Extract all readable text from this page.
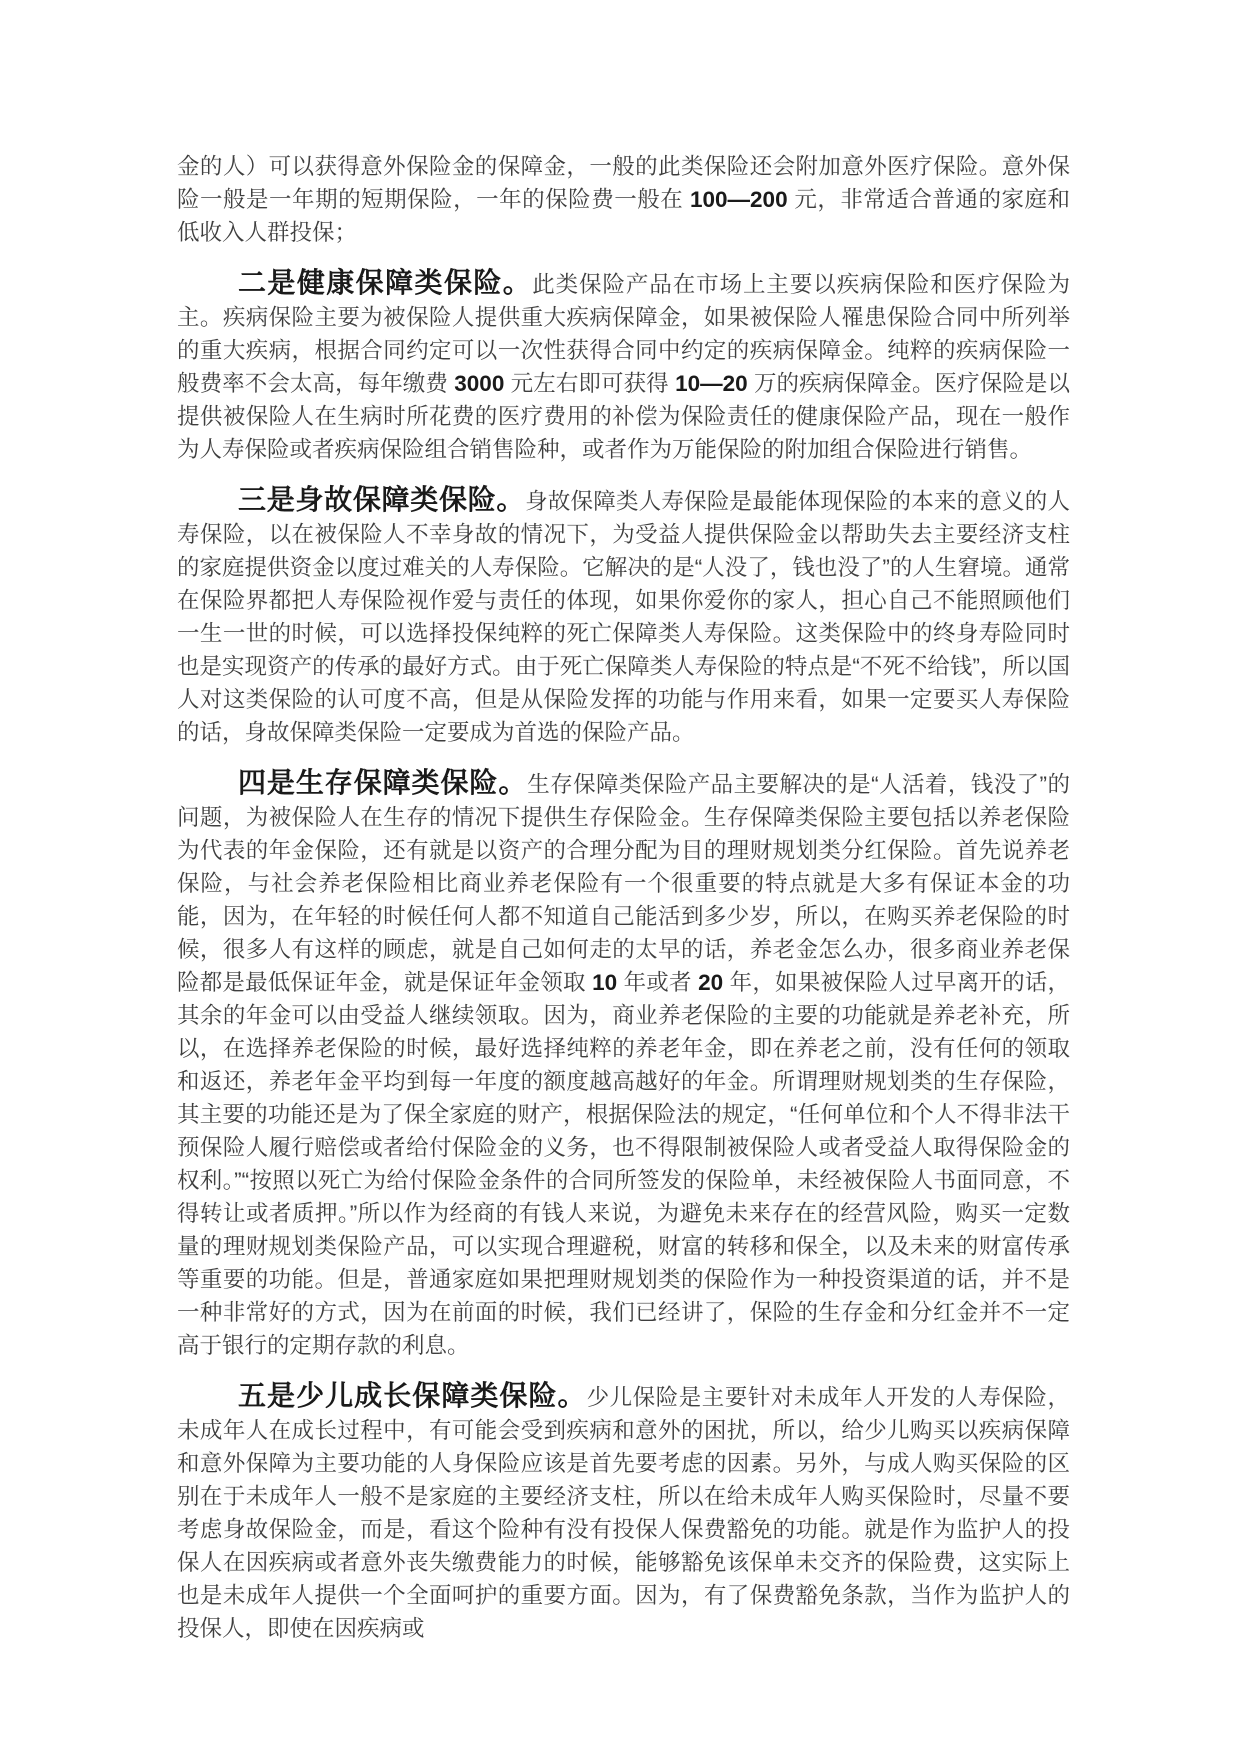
金的人）可以获得意外保险金的保障金，一般的此类保险还会附加意外医疗保险。意外保险一般是一年期的短期保险，一年的保险费一般在 100—200 元，非常适合普通的家庭和低收入人群投保；

二是健康保障类保险。此类保险产品在市场上主要以疾病保险和医疗保险为主。疾病保险主要为被保险人提供重大疾病保障金，如果被保险人罹患保险合同中所列举的重大疾病，根据合同约定可以一次性获得合同中约定的疾病保障金。纯粹的疾病保险一般费率不会太高，每年缴费 3000 元左右即可获得 10—20 万的疾病保障金。医疗保险是以提供被保险人在生病时所花费的医疗费用的补偿为保险责任的健康保险产品，现在一般作为人寿保险或者疾病保险组合销售险种，或者作为万能保险的附加组合保险进行销售。

三是身故保障类保险。身故保障类人寿保险是最能体现保险的本来的意义的人寿保险，以在被保险人不幸身故的情况下，为受益人提供保险金以帮助失去主要经济支柱的家庭提供资金以度过难关的人寿保险。它解决的是“人没了，钱也没了”的人生窘境。通常在保险界都把人寿保险视作爱与责任的体现，如果你爱你的家人，担心自己不能照顾他们一生一世的时候，可以选择投保纯粹的死亡保障类人寿保险。这类保险中的终身寿险同时也是实现资产的传承的最好方式。由于死亡保障类人寿保险的特点是“不死不给钱”，所以国人对这类保险的认可度不高，但是从保险发挥的功能与作用来看，如果一定要买人寿保险的话，身故保障类保险一定要成为首选的保险产品。

四是生存保障类保险。生存保障类保险产品主要解决的是“人活着，钱没了”的问题，为被保险人在生存的情况下提供生存保险金。生存保障类保险主要包括以养老保险为代表的年金保险，还有就是以资产的合理分配为目的理财规划类分红保险。首先说养老保险，与社会养老保险相比商业养老保险有一个很重要的特点就是大多有保证本金的功能，因为，在年轻的时候任何人都不知道自己能活到多少岁，所以，在购买养老保险的时候，很多人有这样的顾虑，就是自己如何走的太早的话，养老金怎么办，很多商业养老保险都是最低保证年金，就是保证年金领取 10 年或者 20 年，如果被保险人过早离开的话，其余的年金可以由受益人继续领取。因为，商业养老保险的主要的功能就是养老补充，所以，在选择养老保险的时候，最好选择纯粹的养老年金，即在养老之前，没有任何的领取和返还，养老年金平均到每一年度的额度越高越好的年金。所谓理财规划类的生存保险，其主要的功能还是为了保全家庭的财产，根据保险法的规定，“任何单位和个人不得非法干预保险人履行赔偿或者给付保险金的义务，也不得限制被保险人或者受益人取得保险金的权利。”“按照以死亡为给付保险金条件的合同所签发的保险单，未经被保险人书面同意，不得转让或者质押。”所以作为经商的有钱人来说，为避免未来存在的经营风险，购买一定数量的理财规划类保险产品，可以实现合理避税，财富的转移和保全，以及未来的财富传承等重要的功能。但是，普通家庭如果把理财规划类的保险作为一种投资渠道的话，并不是一种非常好的方式，因为在前面的时候，我们已经讲了，保险的生存金和分红金并不一定高于银行的定期存款的利息。

五是少儿成长保障类保险。少儿保险是主要针对未成年人开发的人寿保险，未成年人在成长过程中，有可能会受到疾病和意外的困扰，所以，给少儿购买以疾病保障和意外保障为主要功能的人身保险应该是首先要考虑的因素。另外，与成人购买保险的区别在于未成年人一般不是家庭的主要经济支柱，所以在给未成年人购买保险时，尽量不要考虑身故保险金，而是，看这个险种有没有投保人保费豁免的功能。就是作为监护人的投保人在因疾病或者意外丧失缴费能力的时候，能够豁免该保单未交齐的保险费，这实际上也是未成年人提供一个全面呵护的重要方面。因为，有了保费豁免条款，当作为监护人的投保人，即使在因疾病或
